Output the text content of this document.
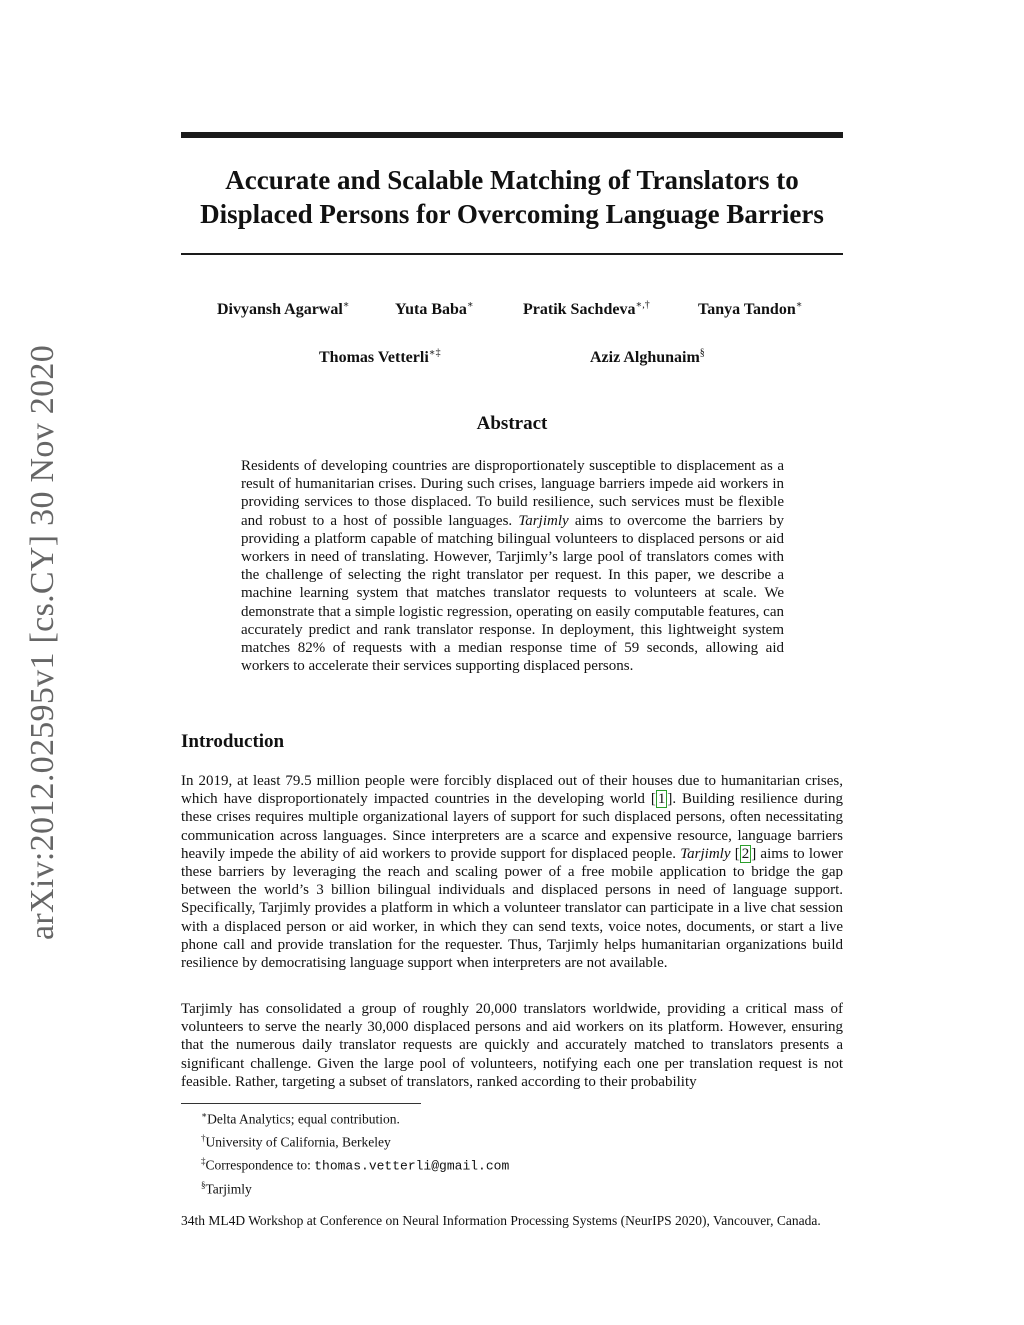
arXiv:2012.02595v1 [cs.CY] 30 Nov 2020
Accurate and Scalable Matching of Translators to
Displaced Persons for Overcoming Language Barriers
Divyansh Agarwal∗	Yuta Baba∗	Pratik Sachdeva∗,†	Tanya Tandon∗
Thomas Vetterli∗‡	Aziz Alghunaim§
Abstract
Residents of developing countries are disproportionately susceptible to displacement as a result of humanitarian crises. During such crises, language barriers impede aid workers in providing services to those displaced. To build resilience, such services must be flexible and robust to a host of possible languages. Tarjimly aims to overcome the barriers by providing a platform capable of matching bilingual volunteers to displaced persons or aid workers in need of translating. However, Tarjimly’s large pool of translators comes with the challenge of selecting the right translator per request. In this paper, we describe a machine learning system that matches translator requests to volunteers at scale. We demonstrate that a simple logistic regression, operating on easily computable features, can accurately predict and rank translator response. In deployment, this lightweight system matches 82% of requests with a median response time of 59 seconds, allowing aid workers to accelerate their services supporting displaced persons.
Introduction
In 2019, at least 79.5 million people were forcibly displaced out of their houses due to humanitarian crises, which have disproportionately impacted countries in the developing world [ 1 ]. Building resilience during these crises requires multiple organizational layers of support for such displaced persons, often necessitating communication across languages. Since interpreters are a scarce and expensive resource, language barriers heavily impede the ability of aid workers to provide support for displaced people. Tarjimly [ 2 ] aims to lower these barriers by leveraging the reach and scaling power of a free mobile application to bridge the gap between the world’s 3 billion bilingual individuals and displaced persons in need of language support. Specifically, Tarjimly provides a platform in which a volunteer translator can participate in a live chat session with a displaced person or aid worker, in which they can send texts, voice notes, documents, or start a live phone call and provide translation for the requester. Thus, Tarjimly helps humanitarian organizations build resilience by democratising language support when interpreters are not available.
Tarjimly has consolidated a group of roughly 20,000 translators worldwide, providing a critical mass of volunteers to serve the nearly 30,000 displaced persons and aid workers on its platform. However, ensuring that the numerous daily translator requests are quickly and accurately matched to translators presents a significant challenge. Given the large pool of volunteers, notifying each one per translation request is not feasible. Rather, targeting a subset of translators, ranked according to their probability
∗Delta Analytics; equal contribution.
†University of California, Berkeley
‡Correspondence to: thomas.vetterli@gmail.com
§Tarjimly
34th ML4D Workshop at Conference on Neural Information Processing Systems (NeurIPS 2020), Vancouver, Canada.
